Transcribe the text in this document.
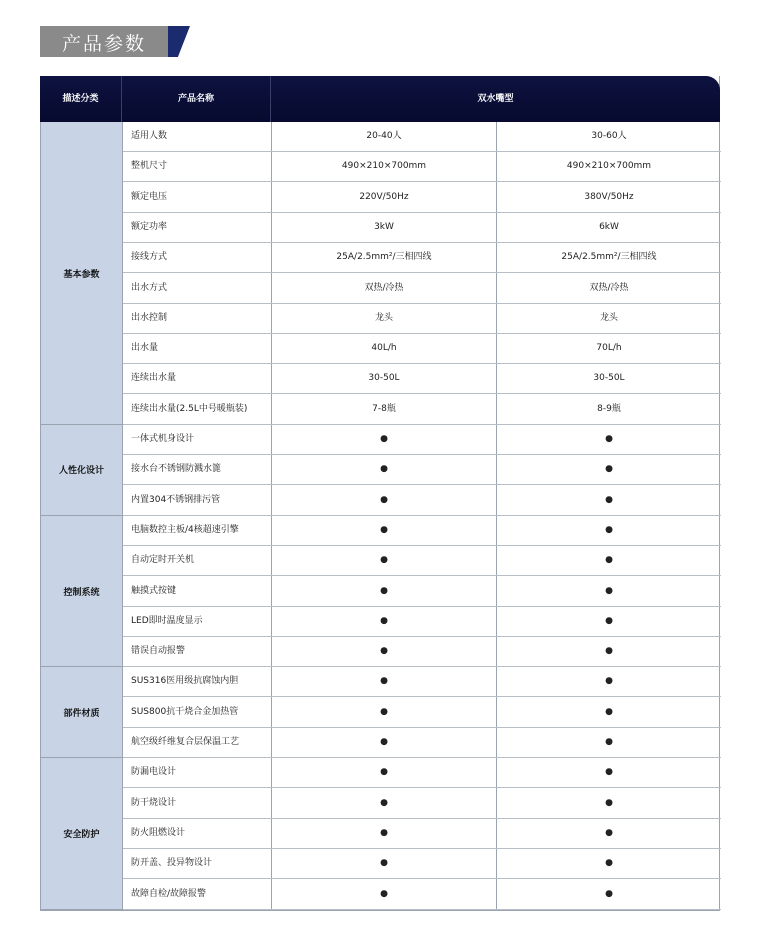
产品参数
描述分类	产品名称	双水嘴型
基本参数
适用人数	20-40人	30-60人
整机尺寸	490×210×700mm	490×210×700mm
额定电压	220V/50Hz	380V/50Hz
额定功率	3kW	6kW
接线方式	25A/2.5mm²/三相四线	25A/2.5mm²/三相四线
出水方式	双热/冷热	双热/冷热
出水控制	龙头	龙头
出水量	40L/h	70L/h
连续出水量	30-50L	30-50L
连续出水量(2.5L中号暖瓶装)	7-8瓶	8-9瓶
人性化设计
一体式机身设计	●	●
接水台不锈钢防溅水篦	●	●
内置304不锈钢排污管	●	●
控制系统
电脑数控主板/4核超速引擎	●	●
自动定时开关机	●	●
触摸式按键	●	●
LED即时温度显示	●	●
错误自动报警	●	●
部件材质
SUS316医用级抗腐蚀内胆	●	●
SUS800抗干烧合金加热管	●	●
航空级纤维复合层保温工艺	●	●
安全防护
防漏电设计	●	●
防干烧设计	●	●
防火阻燃设计	●	●
防开盖、投异物设计	●	●
故障自检/故障报警	●	●
